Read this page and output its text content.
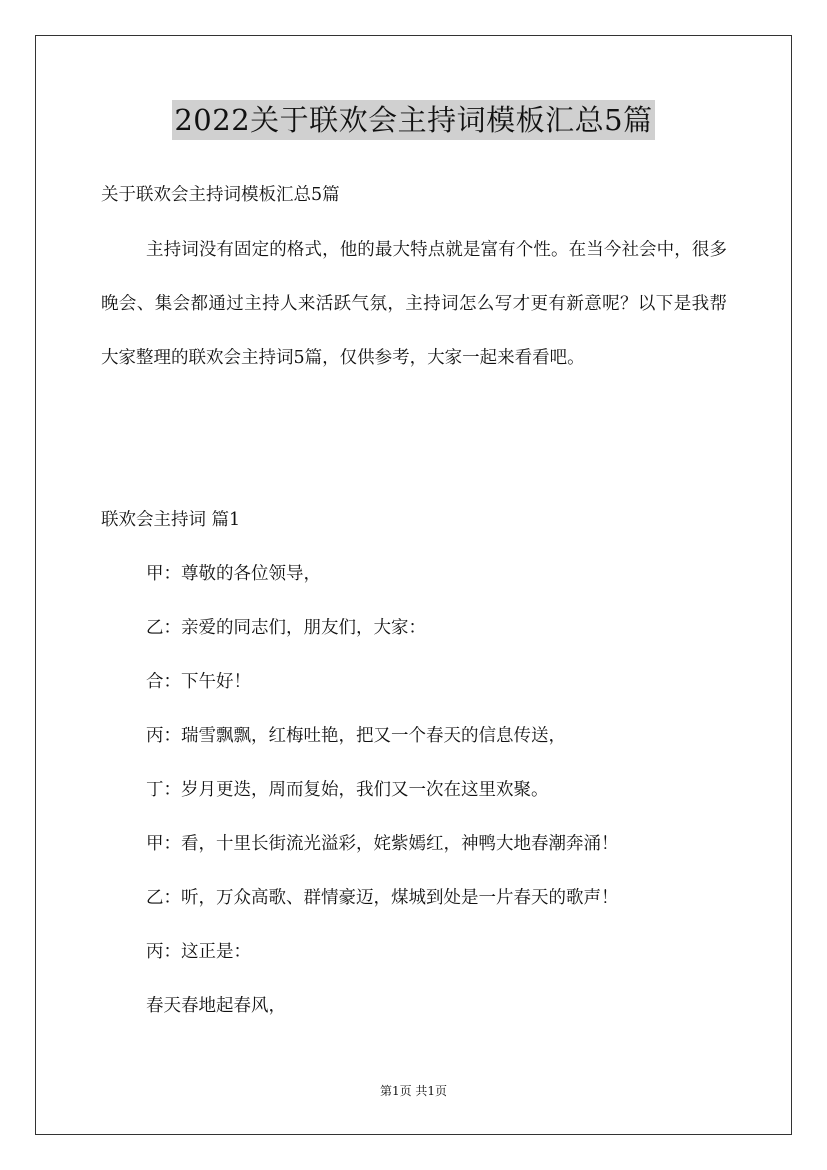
2022关于联欢会主持词模板汇总5篇
关于联欢会主持词模板汇总5篇
主持词没有固定的格式，他的最大特点就是富有个性。在当今社会中，很多晚会、集会都通过主持人来活跃气氛，主持词怎么写才更有新意呢？以下是我帮大家整理的联欢会主持词5篇，仅供参考，大家一起来看看吧。
联欢会主持词 篇1
甲：尊敬的各位领导，
乙：亲爱的同志们，朋友们，大家：
合：下午好！
丙：瑞雪飘飘，红梅吐艳，把又一个春天的信息传送，
丁：岁月更迭，周而复始，我们又一次在这里欢聚。
甲：看，十里长街流光溢彩，姹紫嫣红，神鸭大地春潮奔涌！
乙：听，万众高歌、群情豪迈，煤城到处是一片春天的歌声！
丙：这正是：
春天春地起春风，
第1页 共1页
